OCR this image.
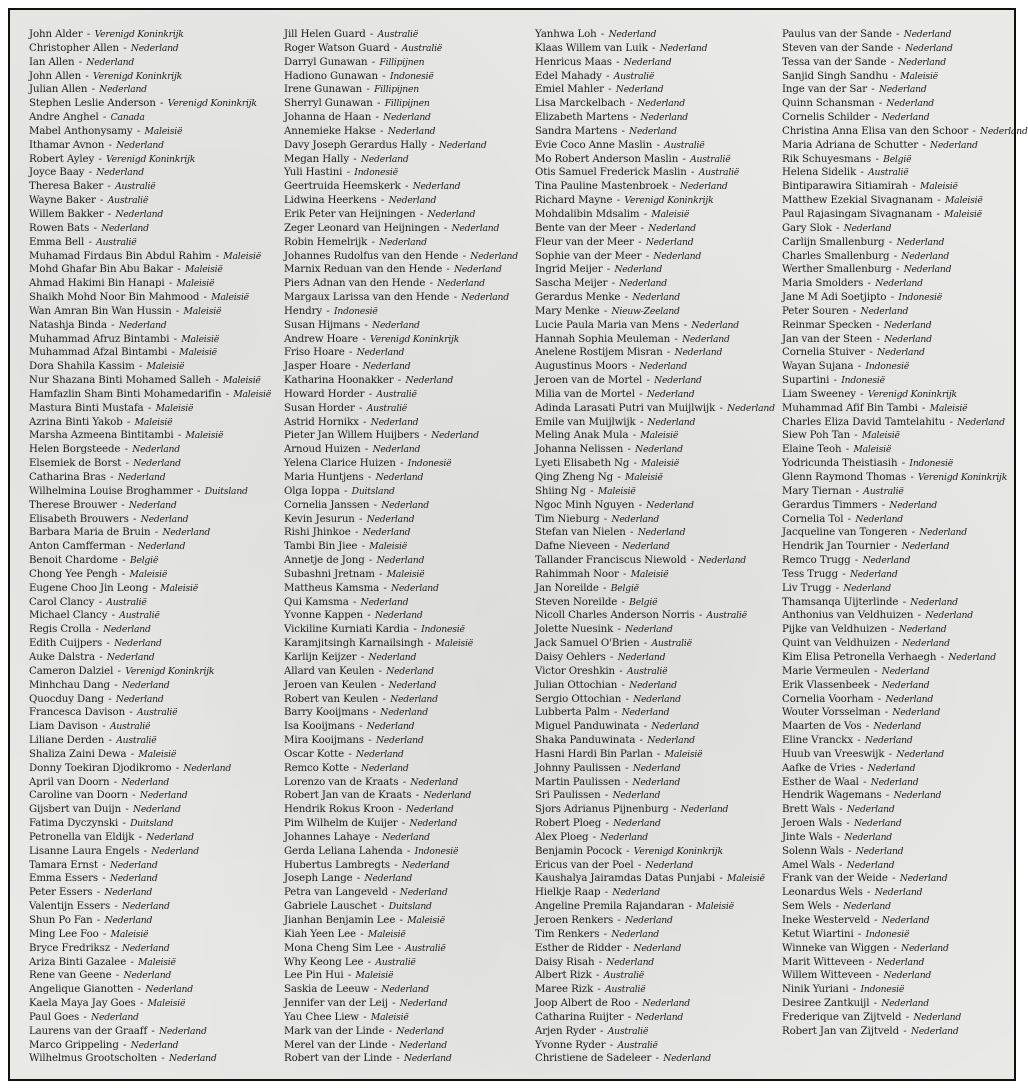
John Alder - Verenigd Koninkrijk
Christopher Allen - Nederland
Ian Allen - Nederland
John Allen - Verenigd Koninkrijk
Julian Allen - Nederland
Stephen Leslie Anderson - Verenigd Koninkrijk
Andre Anghel - Canada
Mabel Anthonysamy - Maleisië
Ithamar Avnon - Nederland
Robert Ayley - Verenigd Koninkrijk
Joyce Baay - Nederland
Theresa Baker - Australië
Wayne Baker - Australië
Willem Bakker - Nederland
Rowen Bats - Nederland
Emma Bell - Australië
Muhamad Firdaus Bin Abdul Rahim - Maleisië
Mohd Ghafar Bin Abu Bakar - Maleisië
Ahmad Hakimi Bin Hanapi - Maleisië
Shaikh Mohd Noor Bin Mahmood - Maleisië
Wan Amran Bin Wan Hussin - Maleisië
Natashja Binda - Nederland
Muhammad Afruz Bintambi - Maleisië
Muhammad Afzal Bintambi - Maleisië
Dora Shahila Kassim - Maleisië
Nur Shazana Binti Mohamed Salleh - Maleisië
Hamfazlin Sham Binti Mohamedarifin - Maleisië
Mastura Binti Mustafa - Maleisië
Azrina Binti Yakob - Maleisië
Marsha Azmeena Bintitambi - Maleisië
Helen Borgsteede - Nederland
Elsemiek de Borst - Nederland
Catharina Bras - Nederland
Wilhelmina Louise Broghammer - Duitsland
Therese Brouwer - Nederland
Elisabeth Brouwers - Nederland
Barbara Maria de Bruin - Nederland
Anton Camfferman - Nederland
Benoit Chardome - België
Chong Yee Pengh - Maleisië
Eugene Choo Jin Leong - Maleisië
Carol Clancy - Australië
Michael Clancy - Australië
Regis Crolla - Nederland
Edith Cuijpers - Nederland
Auke Dalstra - Nederland
Cameron Dalziel - Verenigd Koninkrijk
Minhchau Dang - Nederland
Quocduy Dang - Nederland
Francesca Davison - Australië
Liam Davison - Australië
Liliane Derden - Australië
Shaliza Zaini Dewa - Maleisië
Donny Toekiran Djodikromo - Nederland
April van Doorn - Nederland
Caroline van Doorn - Nederland
Gijsbert van Duijn - Nederland
Fatima Dyczynski - Duitsland
Petronella van Eldijk - Nederland
Lisanne Laura Engels - Nederland
Tamara Ernst - Nederland
Emma Essers - Nederland
Peter Essers - Nederland
Valentijn Essers - Nederland
Shun Po Fan - Nederland
Ming Lee Foo - Maleisië
Bryce Fredriksz - Nederland
Ariza Binti Gazalee - Maleisië
Rene van Geene - Nederland
Angelique Gianotten - Nederland
Kaela Maya Jay Goes - Maleisië
Paul Goes - Nederland
Laurens van der Graaff - Nederland
Marco Grippeling - Nederland
Wilhelmus Grootscholten - Nederland
Jill Helen Guard - Australië
Roger Watson Guard - Australië
Darryl Gunawan - Fillipijnen
Hadiono Gunawan - Indonesië
Irene Gunawan - Fillipijnen
Sherryl Gunawan - Fillipijnen
Johanna de Haan - Nederland
Annemieke Hakse - Nederland
Davy Joseph Gerardus Hally - Nederland
Megan Hally - Nederland
Yuli Hastini - Indonesië
Geertruida Heemskerk - Nederland
Lidwina Heerkens - Nederland
Erik Peter van Heijningen - Nederland
Zeger Leonard van Heijningen - Nederland
Robin Hemelrijk - Nederland
Johannes Rudolfus van den Hende - Nederland
Marnix Reduan van den Hende - Nederland
Piers Adnan van den Hende - Nederland
Margaux Larissa van den Hende - Nederland
Hendry - Indonesië
Susan Hijmans - Nederland
Andrew Hoare - Verenigd Koninkrijk
Friso Hoare - Nederland
Jasper Hoare - Nederland
Katharina Hoonakker - Nederland
Howard Horder - Australië
Susan Horder - Australië
Astrid Hornikx - Nederland
Pieter Jan Willem Huijbers - Nederland
Arnoud Huizen - Nederland
Yelena Clarice Huizen - Indonesië
Maria Huntjens - Nederland
Olga Ioppa - Duitsland
Cornelia Janssen - Nederland
Kevin Jesurun - Nederland
Rishi Jhinkoe - Nederland
Tambi Bin Jiee - Maleisië
Annetje de Jong - Nederland
Subashni Jretnam - Maleisië
Mattheus Kamsma - Nederland
Qui Kamsma - Nederland
Yvonne Kappen - Nederland
Vickiline Kurniati Kardia - Indonesië
Karamjitsingh Karnailsingh - Maleisië
Karlijn Keijzer - Nederland
Allard van Keulen - Nederland
Jeroen van Keulen - Nederland
Robert van Keulen - Nederland
Barry Kooijmans - Nederland
Isa Kooijmans - Nederland
Mira Kooijmans - Nederland
Oscar Kotte - Nederland
Remco Kotte - Nederland
Lorenzo van de Kraats - Nederland
Robert Jan van de Kraats - Nederland
Hendrik Rokus Kroon - Nederland
Pim Wilhelm de Kuijer - Nederland
Johannes Lahaye - Nederland
Gerda Leliana Lahenda - Indonesië
Hubertus Lambregts - Nederland
Joseph Lange - Nederland
Petra van Langeveld - Nederland
Gabriele Lauschet - Duitsland
Jianhan Benjamin Lee - Maleisië
Kiah Yeen Lee - Maleisië
Mona Cheng Sim Lee - Australië
Why Keong Lee - Australië
Lee Pin Hui - Maleisië
Saskia de Leeuw - Nederland
Jennifer van der Leij - Nederland
Yau Chee Liew - Maleisië
Mark van der Linde - Nederland
Merel van der Linde - Nederland
Robert van der Linde - Nederland
Yanhwa Loh - Nederland
Klaas Willem van Luik - Nederland
Henricus Maas - Nederland
Edel Mahady - Australië
Emiel Mahler - Nederland
Lisa Marckelbach - Nederland
Elizabeth Martens - Nederland
Sandra Martens - Nederland
Evie Coco Anne Maslin - Australië
Mo Robert Anderson Maslin - Australië
Otis Samuel Frederick Maslin - Australië
Tina Pauline Mastenbroek - Nederland
Richard Mayne - Verenigd Koninkrijk
Mohdalibin Mdsalim - Maleisië
Bente van der Meer - Nederland
Fleur van der Meer - Nederland
Sophie van der Meer - Nederland
Ingrid Meijer - Nederland
Sascha Meijer - Nederland
Gerardus Menke - Nederland
Mary Menke - Nieuw-Zeeland
Lucie Paula Maria van Mens - Nederland
Hannah Sophia Meuleman - Nederland
Anelene Rostijem Misran - Nederland
Augustinus Moors - Nederland
Jeroen van de Mortel - Nederland
Milia van de Mortel - Nederland
Adinda Larasati Putri van Muijlwijk - Nederland
Emile van Muijlwijk - Nederland
Meling Anak Mula - Maleisië
Johanna Nelissen - Nederland
Lyeti Elisabeth Ng - Maleisië
Qing Zheng Ng - Maleisië
Shiing Ng - Maleisië
Ngoc Minh Nguyen - Nederland
Tim Nieburg - Nederland
Stefan van Nielen - Nederland
Dafne Nieveen - Nederland
Tallander Franciscus Niewold - Nederland
Rahimmah Noor - Maleisië
Jan Noreilde - België
Steven Noreilde - België
Nicoll Charles Anderson Norris - Australië
Jolette Nuesink - Nederland
Jack Samuel O'Brien - Australië
Daisy Oehlers - Nederland
Victor Oreshkin - Australië
Julian Ottochian - Nederland
Sergio Ottochian - Nederland
Lubberta Palm - Nederland
Miguel Panduwinata - Nederland
Shaka Panduwinata - Nederland
Hasni Hardi Bin Parlan - Maleisië
Johnny Paulissen - Nederland
Martin Paulissen - Nederland
Sri Paulissen - Nederland
Sjors Adrianus Pijnenburg - Nederland
Robert Ploeg - Nederland
Alex Ploeg - Nederland
Benjamin Pocock - Verenigd Koninkrijk
Ericus van der Poel - Nederland
Kaushalya Jairamdas Datas Punjabi - Maleisië
Hielkje Raap - Nederland
Angeline Premila Rajandaran - Maleisië
Jeroen Renkers - Nederland
Tim Renkers - Nederland
Esther de Ridder - Nederland
Daisy Risah - Nederland
Albert Rizk - Australië
Maree Rizk - Australië
Joop Albert de Roo - Nederland
Catharina Ruijter - Nederland
Arjen Ryder - Australië
Yvonne Ryder - Australië
Christiene de Sadeleer - Nederland
Paulus van der Sande - Nederland
Steven van der Sande - Nederland
Tessa van der Sande - Nederland
Sanjid Singh Sandhu - Maleisië
Inge van der Sar - Nederland
Quinn Schansman - Nederland
Cornelis Schilder - Nederland
Christina Anna Elisa van den Schoor - Nederland
Maria Adriana de Schutter - Nederland
Rik Schuyesmans - België
Helena Sidelik - Australië
Bintiparawira Sitiamirah - Maleisië
Matthew Ezekial Sivagnanam - Maleisië
Paul Rajasingam Sivagnanam - Maleisië
Gary Slok - Nederland
Carlijn Smallenburg - Nederland
Charles Smallenburg - Nederland
Werther Smallenburg - Nederland
Maria Smolders - Nederland
Jane M Adi Soetjipto - Indonesië
Peter Souren - Nederland
Reinmar Specken - Nederland
Jan van der Steen - Nederland
Cornelia Stuiver - Nederland
Wayan Sujana - Indonesië
Supartini - Indonesië
Liam Sweeney - Verenigd Koninkrijk
Muhammad Afif Bin Tambi - Maleisië
Charles Eliza David Tamtelahitu - Nederland
Siew Poh Tan - Maleisië
Elaine Teoh - Maleisië
Yodricunda Theistiasih - Indonesië
Glenn Raymond Thomas - Verenigd Koninkrijk
Mary Tiernan - Australië
Gerardus Timmers - Nederland
Cornelia Tol - Nederland
Jacqueline van Tongeren - Nederland
Hendrik Jan Tournier - Nederland
Remco Trugg - Nederland
Tess Trugg - Nederland
Liv Trugg - Nederland
Thamsanqa Uijterlinde - Nederland
Anthonius van Veldhuizen - Nederland
Pijke van Veldhuizen - Nederland
Quint van Veldhuizen - Nederland
Kim Elisa Petronella Verhaegh - Nederland
Marie Vermeulen - Nederland
Erik Vlassenbeek - Nederland
Cornelia Voorham - Nederland
Wouter Vorsselman - Nederland
Maarten de Vos - Nederland
Eline Vranckx - Nederland
Huub van Vreeswijk - Nederland
Aafke de Vries - Nederland
Esther de Waal - Nederland
Hendrik Wagemans - Nederland
Brett Wals - Nederland
Jeroen Wals - Nederland
Jinte Wals - Nederland
Solenn Wals - Nederland
Amel Wals - Nederland
Frank van der Weide - Nederland
Leonardus Wels - Nederland
Sem Wels - Nederland
Ineke Westerveld - Nederland
Ketut Wiartini - Indonesië
Winneke van Wiggen - Nederland
Marit Witteveen - Nederland
Willem Witteveen - Nederland
Ninik Yuriani - Indonesië
Desiree Zantkuijl - Nederland
Frederique van Zijtveld - Nederland
Robert Jan van Zijtveld - Nederland
